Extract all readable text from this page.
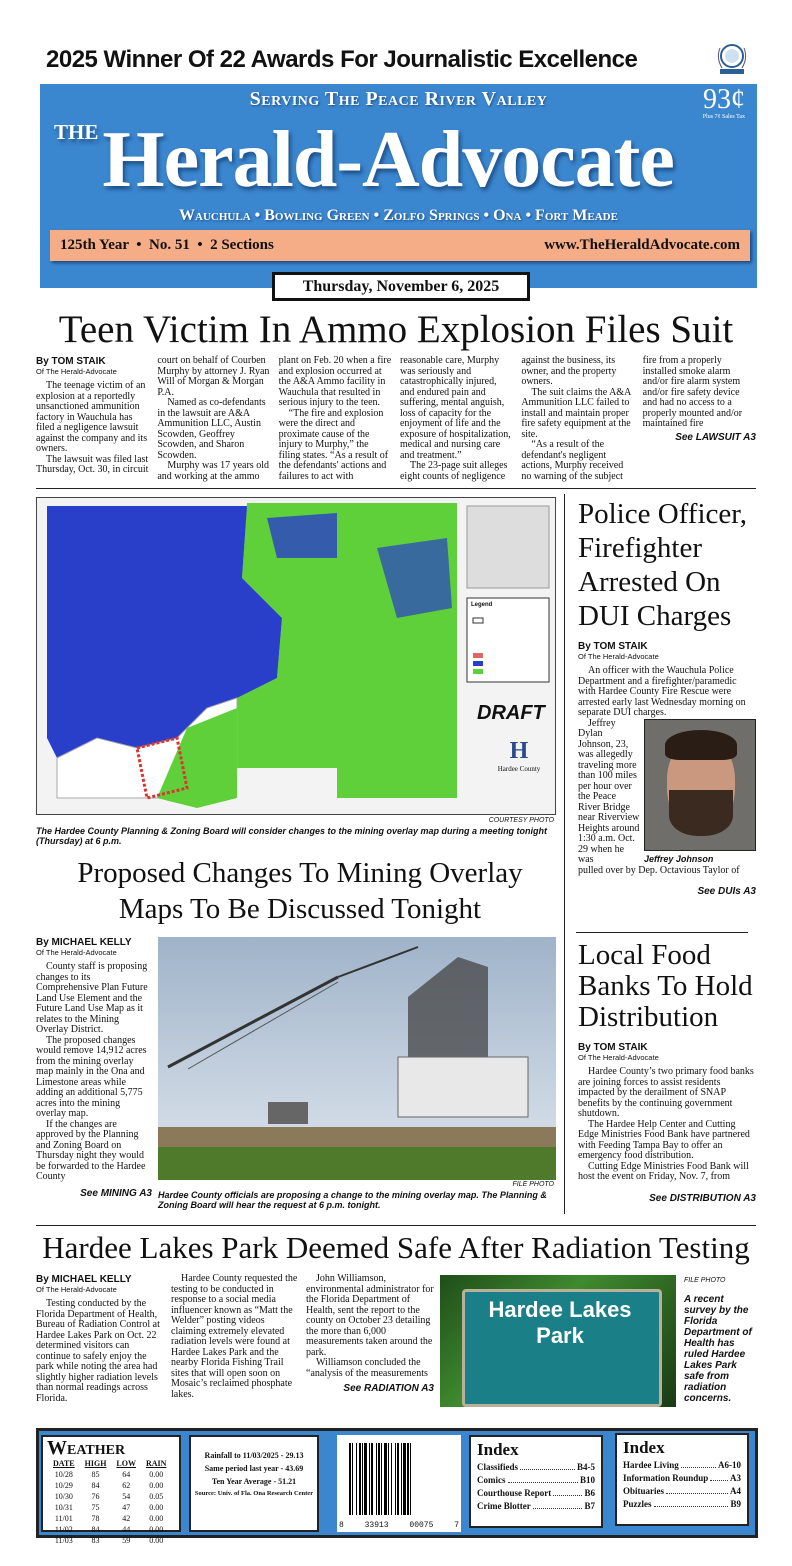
2025 Winner Of 22 Awards For Journalistic Excellence
Serving The Peace River Valley	93¢
Plus 7¢ Sales Tax
$^{THE}$Herald-Advocate
Wauchula • Bowling Green • Zolfo Springs • Ona • Fort Meade
125th Year  •  No. 51  •  2 Sections	www.TheHeraldAdvocate.com
Thursday, November 6, 2025
Teen Victim In Ammo Explosion Files Suit
By TOM STAIK
Of The Herald-Advocate

The teenage victim of an explosion at a reportedly unsanctioned ammunition factory in Wauchula has filed a negligence lawsuit against the company and its owners.

The lawsuit was filed last Thursday, Oct. 30, in circuit court on behalf of Courben Murphy by attorney J. Ryan Will of Morgan & Morgan P.A.

Named as co-defendants in the lawsuit are A&A Ammunition LLC, Austin Scowden, Geoffrey Scowden, and Sharon Scowden.

Murphy was 17 years old and working at the ammo plant on Feb. 20 when a fire and explosion occurred at the A&A Ammo facility in Wauchula that resulted in serious injury to the teen.

“The fire and explosion were the direct and proximate cause of the injury to Murphy,” the filing states. “As a result of the defendants' actions and failures to act with reasonable care, Murphy was seriously and catastrophically injured, and endured pain and suffering, mental anguish, loss of capacity for the enjoyment of life and the exposure of hospitalization, medical and nursing care and treatment.”

The 23-page suit alleges eight counts of negligence against the business, its owner, and the property owners.

The suit claims the A&A Ammunition LLC failed to install and maintain proper fire safety equipment at the site.

“As a result of the defendant's negligent actions, Murphy received no warning of the subject fire from a properly installed smoke alarm and/or fire alarm system and/or fire safety device and had no access to a properly mounted and/or maintained fire

See LAWSUIT A3
Legend
DRAFT
H
Hardee County
COURTESY PHOTO
The Hardee County Planning & Zoning Board will consider changes to the mining overlay map during a meeting tonight (Thursday) at 6 p.m.
Proposed Changes To Mining Overlay Maps To Be Discussed Tonight
By MICHAEL KELLY
Of The Herald-Advocate

County staff is proposing changes to its Comprehensive Plan Future Land Use Element and the Future Land Use Map as it relates to the Mining Overlay District.

The proposed changes would remove 14,912 acres from the mining overlay map mainly in the Ona and Limestone areas while adding an additional 5,775 acres into the mining overlay map.

If the changes are approved by the Planning and Zoning Board on Thursday night they would be forwarded to the Hardee County

See MINING A3
FILE PHOTO
Hardee County officials are proposing a change to the mining overlay map. The Planning & Zoning Board will hear the request at 6 p.m. tonight.
Police Officer, Firefighter Arrested On DUI Charges
By TOM STAIK
Of The Herald-Advocate

An officer with the Wauchula Police Department and a firefighter/paramedic with Hardee County Fire Rescue were arrested early last Wednesday morning on separate DUI charges.

Jeffrey Dylan Johnson, 23, was allegedly traveling more than 100 miles per hour over the Peace River Bridge near Riverview Heights around 1:30 a.m. Oct. 29 when he was	Jeffrey Johnson

pulled over by Dep. Octavious Taylor of

See DUIs A3
Local Food Banks To Hold Distribution
By TOM STAIK
Of The Herald-Advocate

Hardee County’s two primary food banks are joining forces to assist residents impacted by the derailment of SNAP benefits by the continuing government shutdown.

The Hardee Help Center and Cutting Edge Ministries Food Bank have partnered with Feeding Tampa Bay to offer an emergency food distribution.

Cutting Edge Ministries Food Bank will host the event on Friday, Nov. 7, from

See DISTRIBUTION A3
Hardee Lakes Park Deemed Safe After Radiation Testing
By MICHAEL KELLY
Of The Herald-Advocate

Testing conducted by the Florida Department of Health, Bureau of Radiation Control at Hardee Lakes Park on Oct. 22 determined visitors can continue to safely enjoy the park while noting the area had slightly higher radiation levels than normal readings across Florida.

Hardee County requested the testing to be conducted in response to a social media influencer known as “Matt the Welder” posting videos claiming extremely elevated radiation levels were found at Hardee Lakes Park and the nearby Florida Fishing Trail sites that will open soon on Mosaic’s reclaimed phosphate lakes.

John Williamson, environmental administrator for the Florida Department of Health, sent the report to the county on October 23 detailing the more than 6,000 measurements taken around the park.

Williamson concluded the “analysis of the measurements

See RADIATION A3
Hardee Lakes Park
FILE PHOTO
A recent survey by the Florida Department of Health has ruled Hardee Lakes Park safe from radiation concerns.
Weather
DATE	HIGH	LOW	RAIN
10/28	85	64	0.00
10/29	84	62	0.00
10/30	76	54	0.05
10/31	75	47	0.00
11/01	78	42	0.00
11/02	84	44	0.00
11/03	83	59	0.00
Rainfall to 11/03/2025 - 29.13
Same period last year - 43.69
Ten Year Average - 51.21
Source: Univ. of Fla. Ona Research Center
8	33913	00075	7
Index
Classifieds	B4-5
Comics	B10
Courthouse Report	B6
Crime Blotter	B7
Index
Hardee Living	A6-10
Information Roundup A3
Obituaries	A4
Puzzles	B9
